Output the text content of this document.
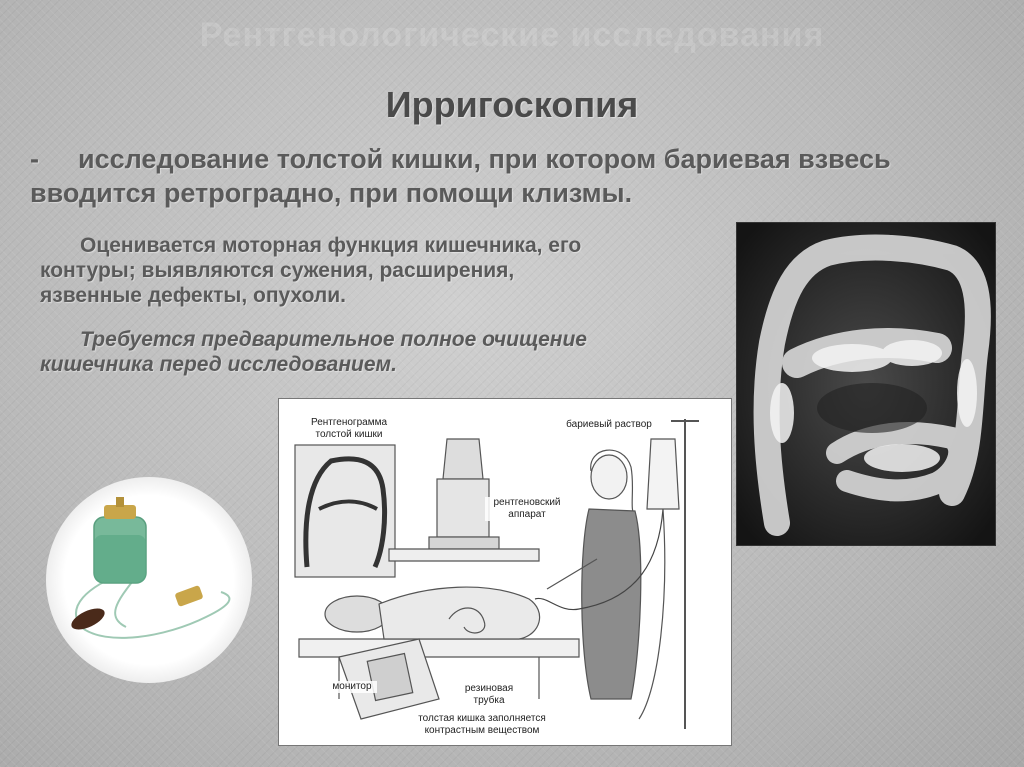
Рентгенологические исследования
Ирригоскопия
- исследование толстой кишки, при котором бариевая взвесь вводится ретроградно, при помощи клизмы.
Оценивается моторная функция кишечника, его контуры; выявляются сужения, расширения, язвенные дефекты, опухоли.
Требуется предварительное полное очищение кишечника перед исследованием.
Рентгенограмма
толстой кишки
бариевый раствор
рентгеновский
аппарат
монитор	резиновая
трубка
толстая кишка заполняется
контрастным веществом
